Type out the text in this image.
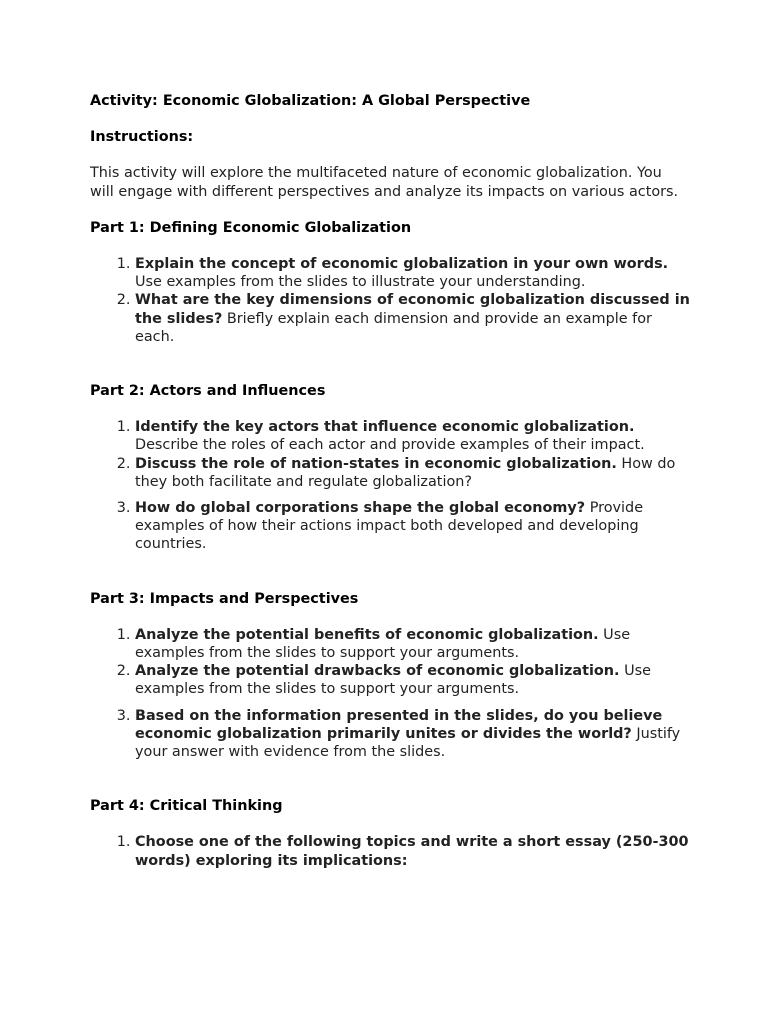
Activity: Economic Globalization: A Global Perspective

Instructions:

This activity will explore the multifaceted nature of economic globalization. You will engage with different perspectives and analyze its impacts on various actors.

Part 1: Defining Economic Globalization

1. Explain the concept of economic globalization in your own words. Use examples from the slides to illustrate your understanding.
2. What are the key dimensions of economic globalization discussed in the slides? Briefly explain each dimension and provide an example for each.

Part 2: Actors and Influences

1. Identify the key actors that influence economic globalization. Describe the roles of each actor and provide examples of their impact.
2. Discuss the role of nation-states in economic globalization. How do they both facilitate and regulate globalization?
3. How do global corporations shape the global economy? Provide examples of how their actions impact both developed and developing countries.

Part 3: Impacts and Perspectives

1. Analyze the potential benefits of economic globalization. Use examples from the slides to support your arguments.
2. Analyze the potential drawbacks of economic globalization. Use examples from the slides to support your arguments.
3. Based on the information presented in the slides, do you believe economic globalization primarily unites or divides the world? Justify your answer with evidence from the slides.

Part 4: Critical Thinking

1. Choose one of the following topics and write a short essay (250-300 words) exploring its implications:
